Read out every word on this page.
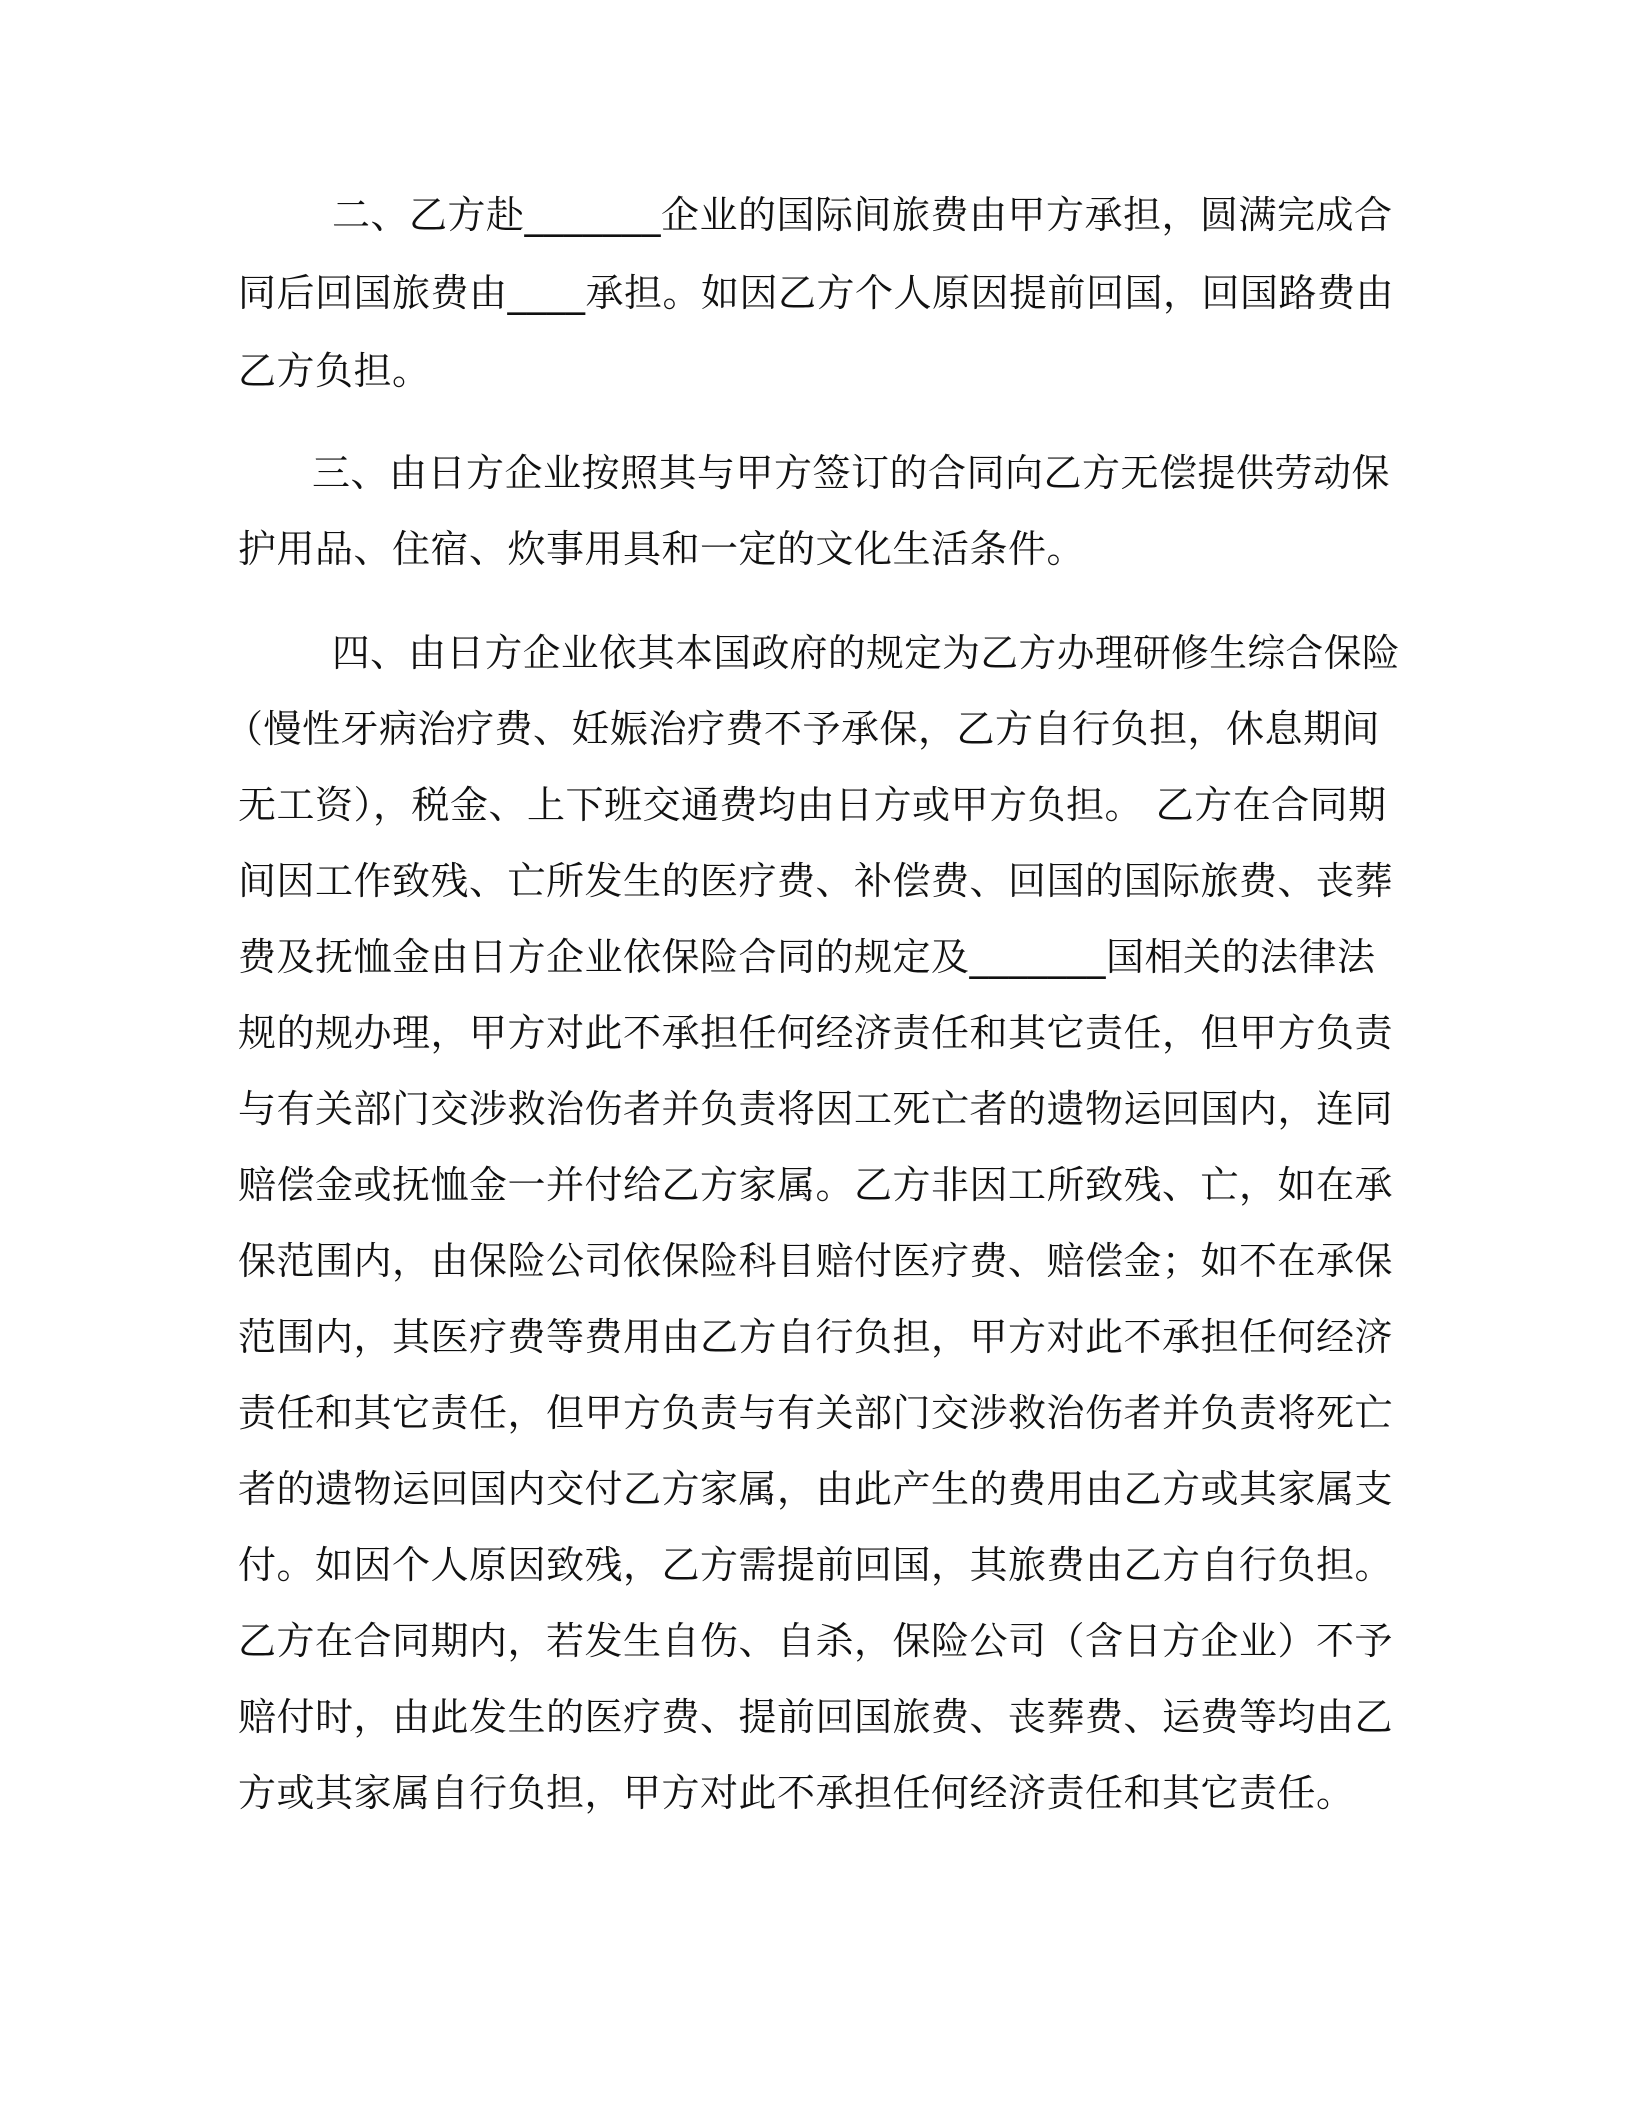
二、乙方赴_______企业的国际间旅费由甲方承担，圆满完成合
同后回国旅费由____承担。如因乙方个人原因提前回国，回国路费由
乙方负担。
三、由日方企业按照其与甲方签订的合同向乙方无偿提供劳动保
护用品、住宿、炊事用具和一定的文化生活条件。
四、由日方企业依其本国政府的规定为乙方办理研修生综合保险
（慢性牙病治疗费、妊娠治疗费不予承保，乙方自行负担，休息期间
无工资），税金、上下班交通费均由日方或甲方负担。 乙方在合同期
间因工作致残、亡所发生的医疗费、补偿费、回国的国际旅费、丧葬
费及抚恤金由日方企业依保险合同的规定及_______国相关的法律法
规的规办理，甲方对此不承担任何经济责任和其它责任，但甲方负责
与有关部门交涉救治伤者并负责将因工死亡者的遗物运回国内，连同
赔偿金或抚恤金一并付给乙方家属。乙方非因工所致残、亡，如在承
保范围内，由保险公司依保险科目赔付医疗费、赔偿金；如不在承保
范围内，其医疗费等费用由乙方自行负担，甲方对此不承担任何经济
责任和其它责任，但甲方负责与有关部门交涉救治伤者并负责将死亡
者的遗物运回国内交付乙方家属，由此产生的费用由乙方或其家属支
付。如因个人原因致残，乙方需提前回国，其旅费由乙方自行负担。
乙方在合同期内，若发生自伤、自杀，保险公司（含日方企业）不予
赔付时，由此发生的医疗费、提前回国旅费、丧葬费、运费等均由乙
方或其家属自行负担，甲方对此不承担任何经济责任和其它责任。
